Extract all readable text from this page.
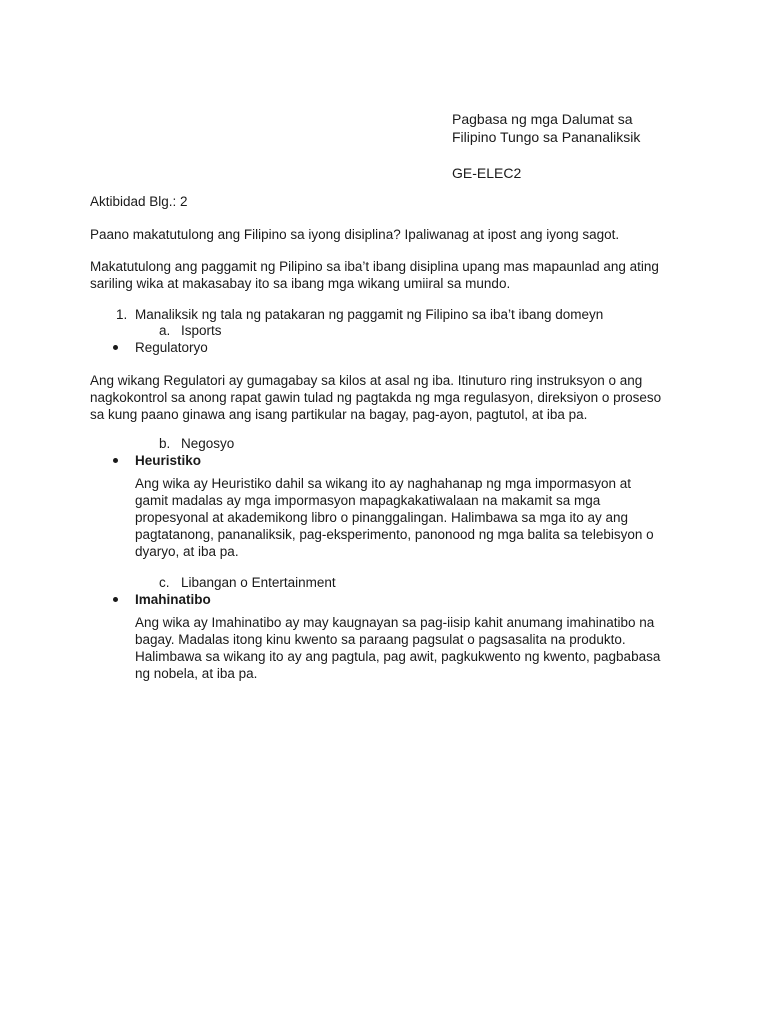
Pagbasa ng mga Dalumat sa
Filipino Tungo sa Pananaliksik
GE-ELEC2
Aktibidad Blg.: 2
Paano makatutulong ang Filipino sa iyong disiplina? Ipaliwanag at ipost ang iyong sagot.
Makatutulong ang paggamit ng Pilipino sa iba’t ibang disiplina upang mas mapaunlad ang ating
sariling wika at makasabay ito sa ibang mga wikang umiiral sa mundo.
1. Manaliksik ng tala ng patakaran ng paggamit ng Filipino sa iba’t ibang domeyn
a. Isports
Regulatoryo
Ang wikang Regulatori ay gumagabay sa kilos at asal ng iba. Itinuturo ring instruksyon o ang
nagkokontrol sa anong rapat gawin tulad ng pagtakda ng mga regulasyon, direksiyon o proseso
sa kung paano ginawa ang isang partikular na bagay, pag-ayon, pagtutol, at iba pa.
b. Negosyo
Heuristiko
Ang wika ay Heuristiko dahil sa wikang ito ay naghahanap ng mga impormasyon at
gamit madalas ay mga impormasyon mapagkakatiwalaan na makamit sa mga
propesyonal at akademikong libro o pinanggalingan. Halimbawa sa mga ito ay ang
pagtatanong, pananaliksik, pag-eksperimento, panonood ng mga balita sa telebisyon o
dyaryo, at iba pa.
c. Libangan o Entertainment
Imahinatibo
Ang wika ay Imahinatibo ay may kaugnayan sa pag-iisip kahit anumang imahinatibo na
bagay. Madalas itong kinu kwento sa paraang pagsulat o pagsasalita na produkto.
Halimbawa sa wikang ito ay ang pagtula, pag awit, pagkukwento ng kwento, pagbabasa
ng nobela, at iba pa.
